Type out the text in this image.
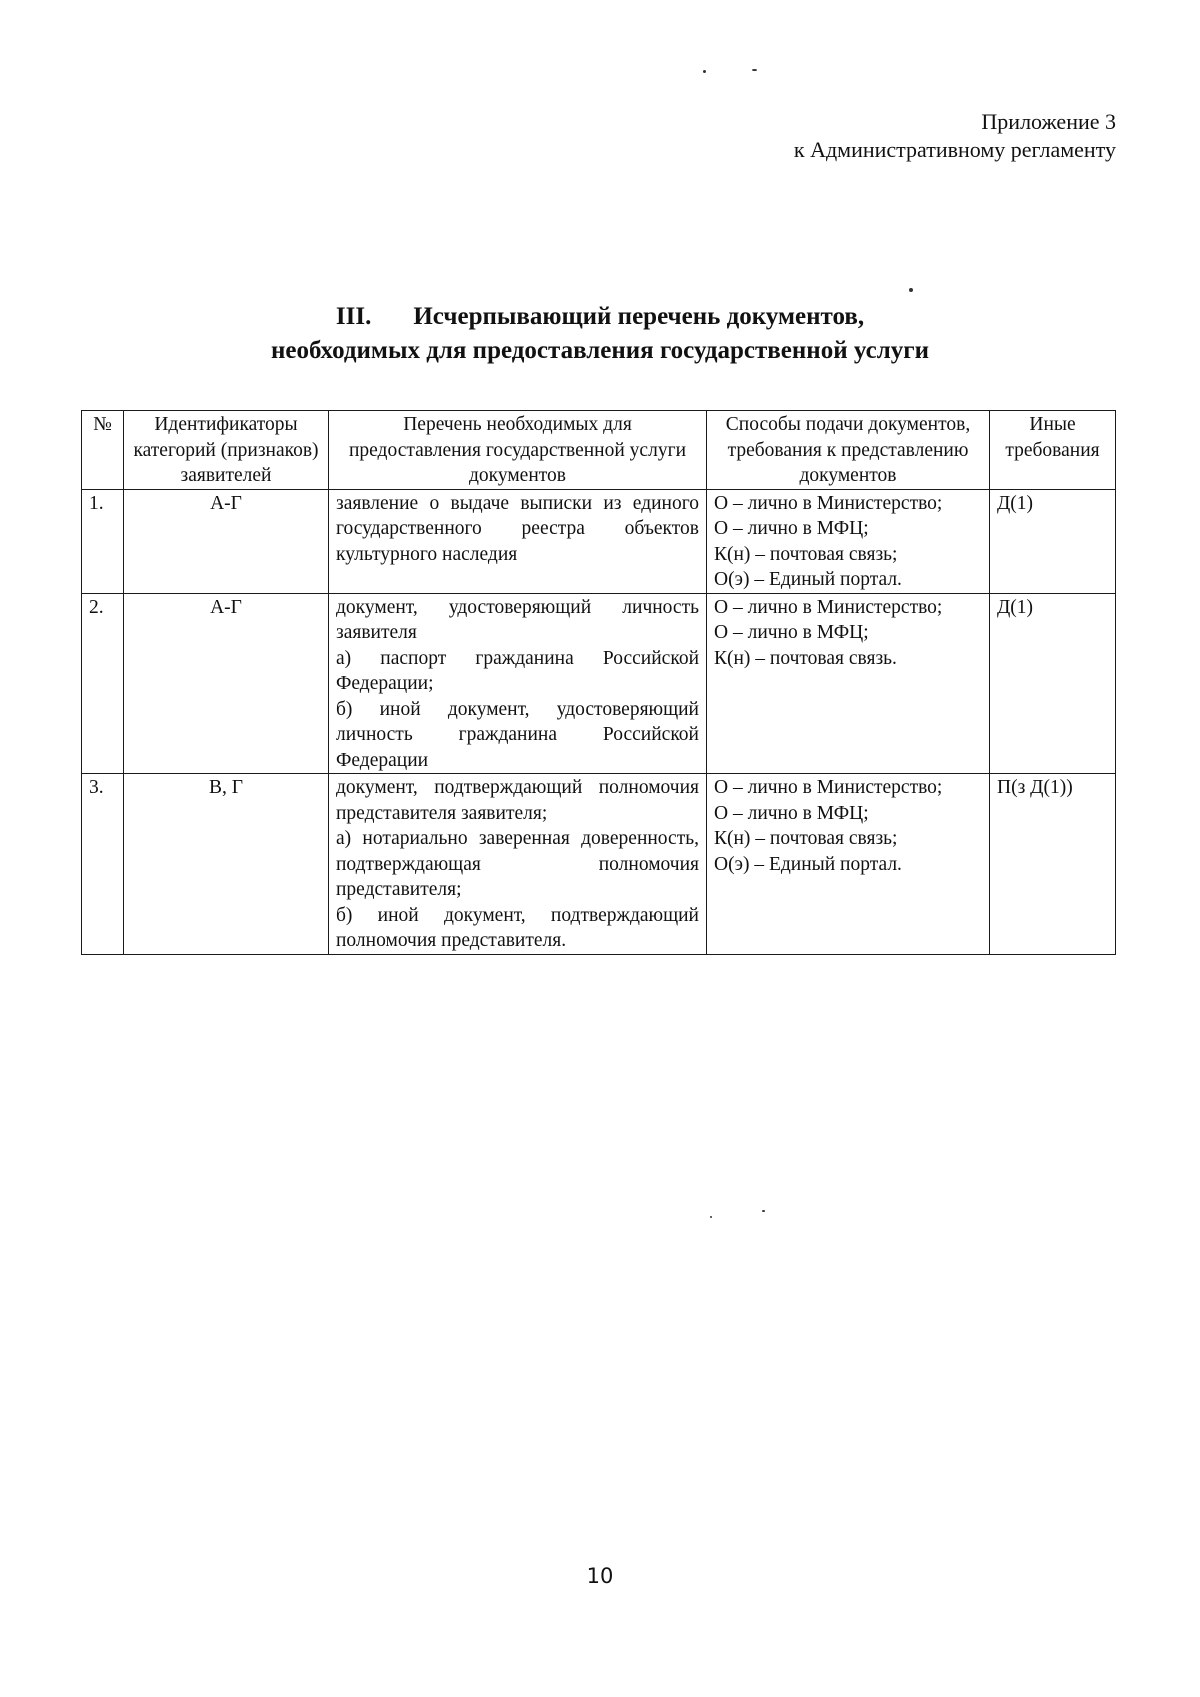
Приложение 3
к Административному регламенту
III. Исчерпывающий перечень документов,
необходимых для предоставления государственной услуги
№	Идентификаторы категорий (признаков) заявителей	Перечень необходимых для предоставления государственной услуги документов	Способы подачи документов, требования к представлению документов	Иные требования
1.	А-Г	заявление о выдаче выписки из единого государственного реестра объектов культурного наследия	О – лично в Министерство;
О – лично в МФЦ;
К(н) – почтовая связь;
О(э) – Единый портал.	Д(1)
2.	А-Г	документ, удостоверяющий личность заявителя
а) паспорт гражданина Российской Федерации;
б) иной документ, удостоверяющий личность гражданина Российской Федерации	О – лично в Министерство;
О – лично в МФЦ;
К(н) – почтовая связь.	Д(1)
3.	В, Г	документ, подтверждающий полномочия представителя заявителя;
а) нотариально заверенная доверенность, подтверждающая полномочия представителя;
б) иной документ, подтверждающий полномочия представителя.	О – лично в Министерство;
О – лично в МФЦ;
К(н) – почтовая связь;
О(э) – Единый портал.	П(з Д(1))
10
